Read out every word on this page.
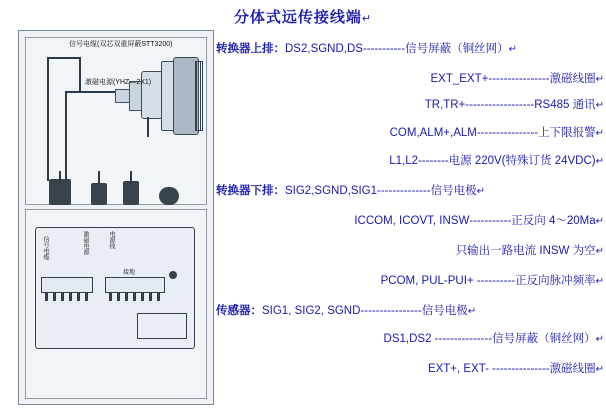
分体式远传接线端↵
信号电缆(双芯双重屏蔽STT3200)
激磁电源(YHZ—2X1)
信号电缆	激磁电源	电源线
接地
转换器上排： DS2,SGND,DS-----------信号屏蔽（铜丝网） ↵
EXT_EXT+----------------激磁线圈 ↵
TR,TR+------------------RS485 通讯 ↵
COM,ALM+,ALM----------------上下限报警 ↵
L1,L2--------电源 220V(特殊订货 24VDC) ↵
转换器下排： SIG2,SGND,SIG1--------------信号电极 ↵
ICCOM, ICOVT, INSW-----------正反向 4～20Ma ↵
只输出一路电流 INSW 为空 ↵
PCOM, PUL-PUI+ ----------正反向脉冲频率 ↵
传感器： SIG1, SIG2, SGND----------------信号电极 ↵
DS1,DS2 ---------------信号屏蔽（铜丝网） ↵
EXT+, EXT- ---------------激磁线圈 ↵
